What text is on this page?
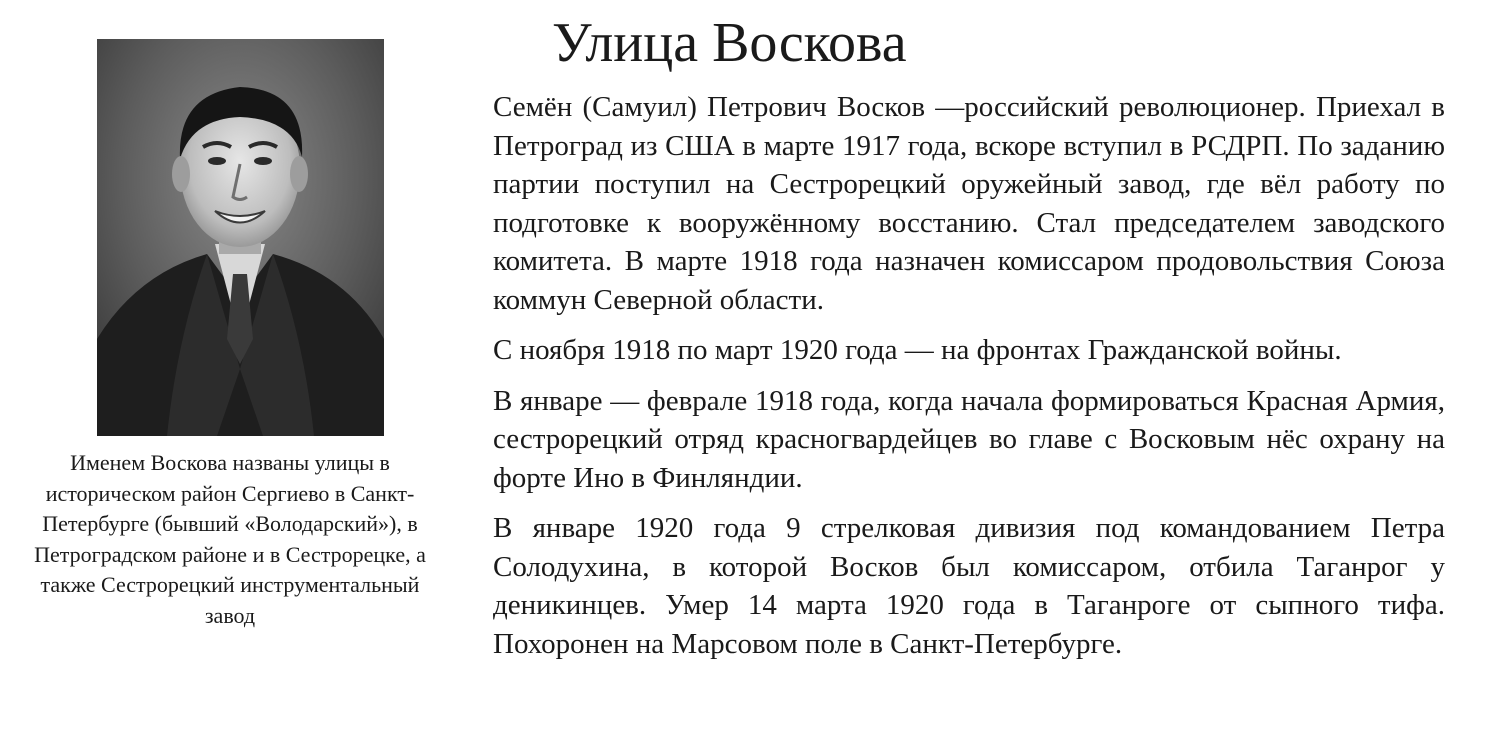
Улица Воскова

Именем Воскова названы улицы в историческом район Сергиево в Санкт-Петербурге (бывший «Володарский»), в Петроградском районе и в Сестрорецке, а также Сестрорецкий инструментальный завод

Семён (Самуил) Петрович Восков —российский революционер. Приехал в Петроград из США в марте 1917 года, вскоре вступил в РСДРП. По заданию партии поступил на Сестрорецкий оружейный завод, где вёл работу по подготовке к вооружённому восстанию. Стал председателем заводского комитета. В марте 1918 года назначен комиссаром продовольствия Союза коммун Северной области.

С ноября 1918 по март 1920 года — на фронтах Гражданской войны.

В январе — феврале 1918 года, когда начала формироваться Красная Армия, сестрорецкий отряд красногвардейцев во главе с Восковым нёс охрану на форте Ино в Финляндии.

В январе 1920 года 9 стрелковая дивизия под командованием Петра Солодухина, в которой Восков был комиссаром, отбила Таганрог у деникинцев. Умер 14 марта 1920 года в Таганроге от сыпного тифа. Похоронен на Марсовом поле в Санкт-Петербурге.
